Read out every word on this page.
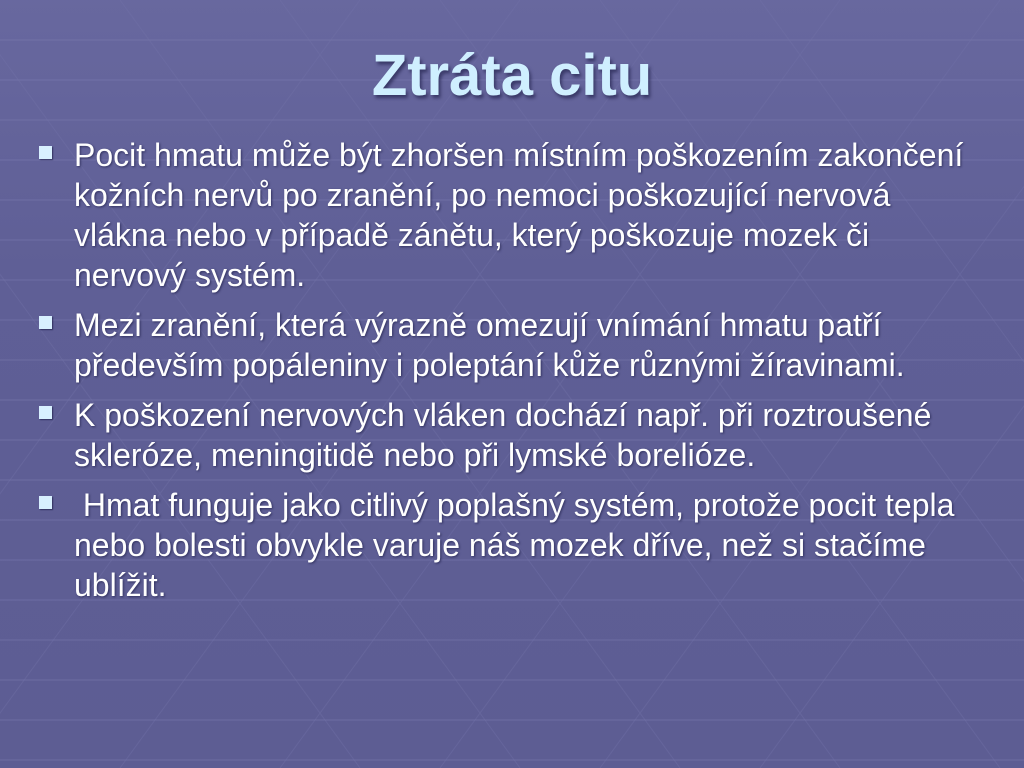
Ztráta citu
Pocit hmatu může být zhoršen místním poškozením zakončení kožních nervů po zranění, po nemoci poškozující nervová vlákna nebo v případě zánětu, který poškozuje mozek či nervový systém.
Mezi zranění, která výrazně omezují vnímání hmatu patří především popáleniny i poleptání kůže různými žíravinami.
K poškození nervových vláken dochází např. při roztroušené skleróze, meningitidě nebo při lymské borelióze.
Hmat funguje jako citlivý poplašný systém, protože pocit tepla nebo bolesti obvykle varuje náš mozek dříve, než si stačíme ublížit.
